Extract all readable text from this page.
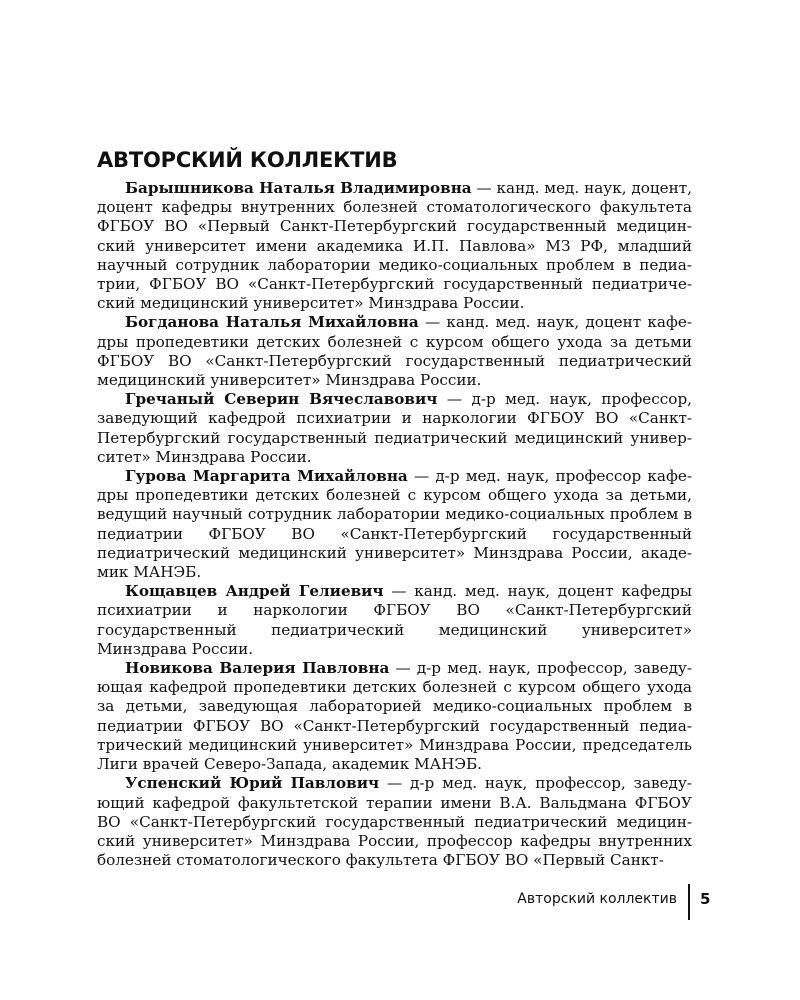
АВТОРСКИЙ КОЛЛЕКТИВ

Барышникова Наталья Владимировна — канд. мед. наук, доцент, доцент кафедры внутренних болезней стоматологического факультета ФГБОУ ВО «Первый Санкт-Петербургский государственный медицинский университет имени академика И.П. Павлова» МЗ РФ, младший научный сотрудник лаборатории медико-социальных проблем в педиатрии, ФГБОУ ВО «Санкт-Петербургский государственный педиатрический медицинский университет» Минздрава России.

Богданова Наталья Михайловна — канд. мед. наук, доцент кафедры пропедевтики детских болезней с курсом общего ухода за детьми ФГБОУ ВО «Санкт-Петербургский государственный педиатрический медицинский университет» Минздрава России.

Гречаный Северин Вячеславович — д-р мед. наук, профессор, заведующий кафедрой психиатрии и наркологии ФГБОУ ВО «Санкт-Петербургский государственный педиатрический медицинский университет» Минздрава России.

Гурова Маргарита Михайловна — д-р мед. наук, профессор кафедры пропедевтики детских болезней с курсом общего ухода за детьми, ведущий научный сотрудник лаборатории медико-социальных проблем в педиатрии ФГБОУ ВО «Санкт-Петербургский государственный педиатрический медицинский университет» Минздрава России, академик МАНЭБ.

Кощавцев Андрей Гелиевич — канд. мед. наук, доцент кафедры психиатрии и наркологии ФГБОУ ВО «Санкт-Петербургский государственный педиатрический медицинский университет» Минздрава России.

Новикова Валерия Павловна — д-р мед. наук, профессор, заведующая кафедрой пропедевтики детских болезней с курсом общего ухода за детьми, заведующая лабораторией медико-социальных проблем в педиатрии ФГБОУ ВО «Санкт-Петербургский государственный педиатрический медицинский университет» Минздрава России, председатель Лиги врачей Северо-Запада, академик МАНЭБ.

Успенский Юрий Павлович — д-р мед. наук, профессор, заведующий кафедрой факультетской терапии имени В.А. Вальдмана ФГБОУ ВО «Санкт-Петербургский государственный педиатрический медицинский университет» Минздрава России, профессор кафедры внутренних болезней стоматологического факультета ФГБОУ ВО «Первый Санкт-

Авторский коллектив 5
